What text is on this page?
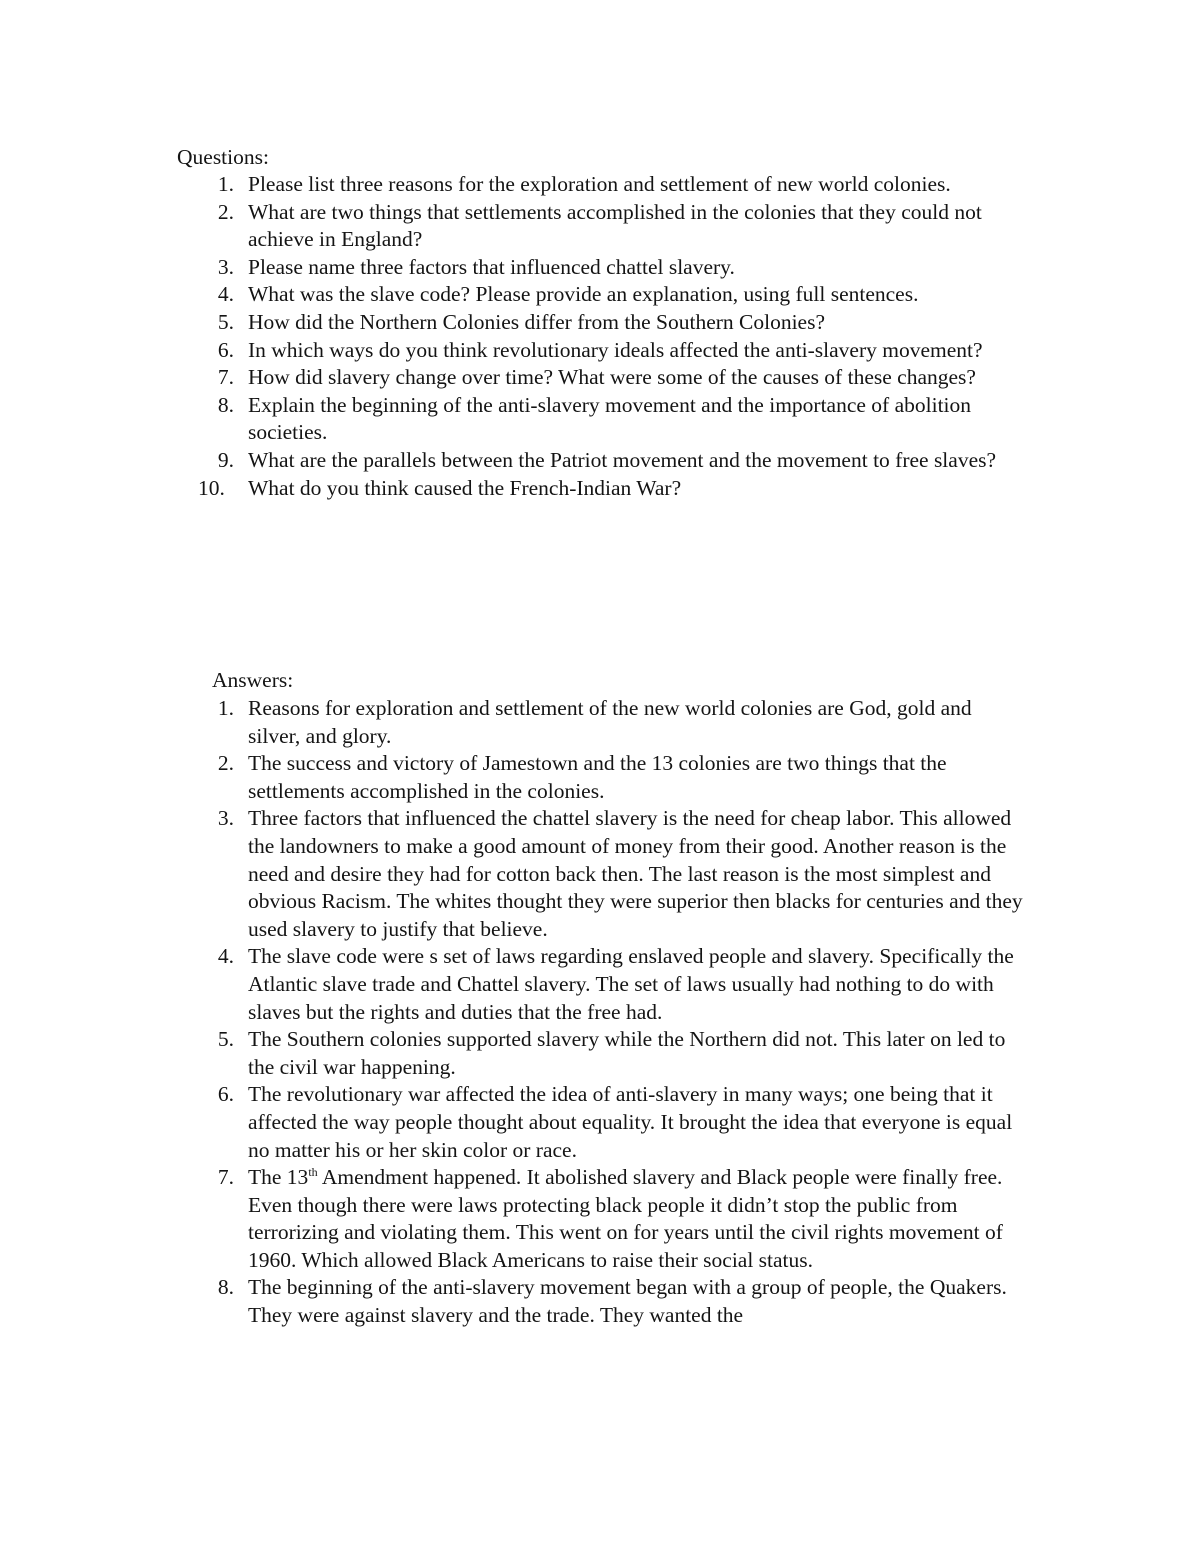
Questions:
1. Please list three reasons for the exploration and settlement of new world colonies.
2. What are two things that settlements accomplished in the colonies that they could not achieve in England?
3. Please name three factors that influenced chattel slavery.
4. What was the slave code? Please provide an explanation, using full sentences.
5. How did the Northern Colonies differ from the Southern Colonies?
6. In which ways do you think revolutionary ideals affected the anti-slavery movement?
7. How did slavery change over time? What were some of the causes of these changes?
8. Explain the beginning of the anti-slavery movement and the importance of abolition societies.
9. What are the parallels between the Patriot movement and the movement to free slaves?
10.	What do you think caused the French-Indian War?
Answers:
1. Reasons for exploration and settlement of the new world colonies are God, gold and silver, and glory.
2. The success and victory of Jamestown and the 13 colonies are two things that the settlements accomplished in the colonies.
3. Three factors that influenced the chattel slavery is the need for cheap labor. This allowed the landowners to make a good amount of money from their good. Another reason is the need and desire they had for cotton back then. The last reason is the most simplest and obvious Racism. The whites thought they were superior then blacks for centuries and they used slavery to justify that believe.
4. The slave code were s set of laws regarding enslaved people and slavery. Specifically the Atlantic slave trade and Chattel slavery. The set of laws usually had nothing to do with slaves but the rights and duties that the free had.
5. The Southern colonies supported slavery while the Northern did not. This later on led to the civil war happening.
6. The revolutionary war affected the idea of anti-slavery in many ways; one being that it affected the way people thought about equality. It brought the idea that everyone is equal no matter his or her skin color or race.
7. The 13th Amendment happened. It abolished slavery and Black people were finally free. Even though there were laws protecting black people it didn’t stop the public from terrorizing and violating them. This went on for years until the civil rights movement of 1960. Which allowed Black Americans to raise their social status.
8. The beginning of the anti-slavery movement began with a group of people, the Quakers. They were against slavery and the trade. They wanted the
